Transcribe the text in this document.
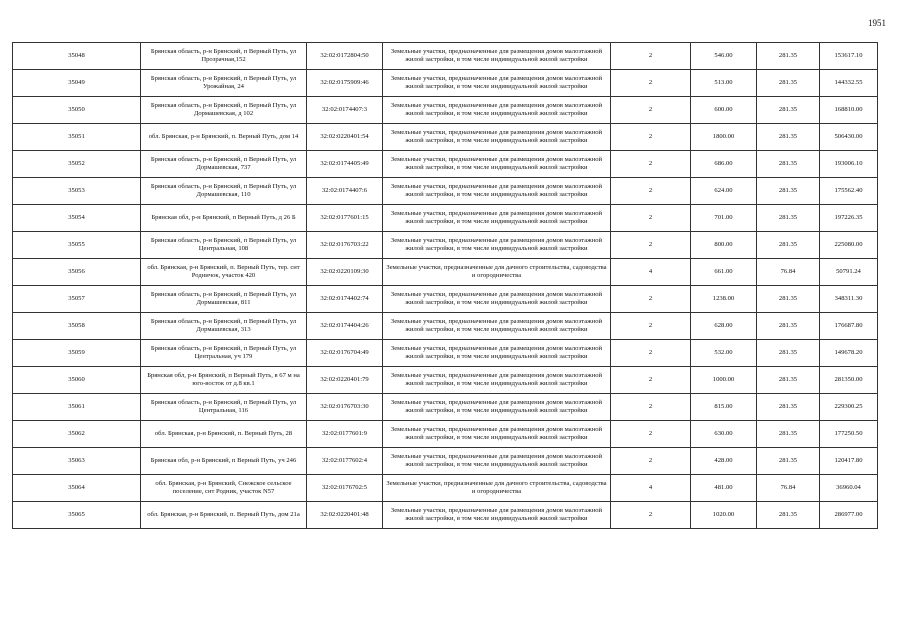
1951
35048	Брянская область, р-н Брянский, п Верный Путь, ул Прозрачная,152	32:02:0172804:50	Земельные участки, предназначенные для размещения домов малоэтажной жилой застройки, в том числе индивидуальной жилой застройки	2	546.00	281.35	153617.10
35049	Брянская область, р-н Брянский, п Верный Путь, ул Урожайная, 24	32:02:0175909:46	Земельные участки, предназначенные для размещения домов малоэтажной жилой застройки, в том числе индивидуальной жилой застройки	2	513.00	281.35	144332.55
35050	Брянская область, р-н Брянский, п Верный Путь, ул Дормашевская, д 102	32:02:0174407:3	Земельные участки, предназначенные для размещения домов малоэтажной жилой застройки, в том числе индивидуальной жилой застройки	2	600.00	281.35	168810.00
35051	обл. Брянская, р-н Брянский, п. Верный Путь, дом 14	32:02:0220401:54	Земельные участки, предназначенные для размещения домов малоэтажной жилой застройки, в том числе индивидуальной жилой застройки	2	1800.00	281.35	506430.00
35052	Брянская область, р-н Брянский, п Верный Путь, ул Дормашевская, 737	32:02:0174405:49	Земельные участки, предназначенные для размещения домов малоэтажной жилой застройки, в том числе индивидуальной жилой застройки	2	686.00	281.35	193006.10
35053	Брянская область, р-н Брянский, п Верный Путь, ул Дормашевская, 110	32:02:0174407:6	Земельные участки, предназначенные для размещения домов малоэтажной жилой застройки, в том числе индивидуальной жилой застройки	2	624.00	281.35	175562.40
35054	Брянская обл, р-н Брянский, п Верный Путь, д 26 Б	32:02:0177601:15	Земельные участки, предназначенные для размещения домов малоэтажной жилой застройки, в том числе индивидуальной жилой застройки	2	701.00	281.35	197226.35
35055	Брянская область, р-н Брянский, п Верный Путь, ул Центральная, 108	32:02:0176703:22	Земельные участки, предназначенные для размещения домов малоэтажной жилой застройки, в том числе индивидуальной жилой застройки	2	800.00	281.35	225080.00
35056	обл. Брянская, р-н Брянский, п. Верный Путь, тер. снт Родничок, участок 420	32:02:0220109:30	Земельные участки, предназначенные для дачного строительства, садоводства и огородничества	4	661.00	76.84	50791.24
35057	Брянская область, р-н Брянский, п Верный Путь, ул Дормашевская, 811	32:02:0174402:74	Земельные участки, предназначенные для размещения домов малоэтажной жилой застройки, в том числе индивидуальной жилой застройки	2	1238.00	281.35	348311.30
35058	Брянская область, р-н Брянский, п Верный Путь, ул Дормашевская, 313	32:02:0174404:26	Земельные участки, предназначенные для размещения домов малоэтажной жилой застройки, в том числе индивидуальной жилой застройки	2	628.00	281.35	176687.80
35059	Брянская область, р-н Брянский, п Верный Путь, ул Центральная, уч 179	32:02:0176704:49	Земельные участки, предназначенные для размещения домов малоэтажной жилой застройки, в том числе индивидуальной жилой застройки	2	532.00	281.35	149678.20
35060	Брянская обл, р-н Брянский, п Верный Путь, в 67 м на юго-восток от д.8 кв.1	32:02:0220401:79	Земельные участки, предназначенные для размещения домов малоэтажной жилой застройки, в том числе индивидуальной жилой застройки	2	1000.00	281.35	281350.00
35061	Брянская область, р-н Брянский, п Верный Путь, ул Центральная, 116	32:02:0176703:30	Земельные участки, предназначенные для размещения домов малоэтажной жилой застройки, в том числе индивидуальной жилой застройки	2	815.00	281.35	229300.25
35062	обл. Брянская, р-н Брянский, п. Верный Путь, 28	32:02:0177601:9	Земельные участки, предназначенные для размещения домов малоэтажной жилой застройки, в том числе индивидуальной жилой застройки	2	630.00	281.35	177250.50
35063	Брянская обл, р-н Брянский, п Верный Путь, уч 246	32:02:0177602:4	Земельные участки, предназначенные для размещения домов малоэтажной жилой застройки, в том числе индивидуальной жилой застройки	2	428.00	281.35	120417.80
35064	обл. Брянская, р-н Брянский, Снежское сельское поселение, снт Родник, участок N57	32:02:0176702:5	Земельные участки, предназначенные для дачного строительства, садоводства и огородничества	4	481.00	76.84	36960.04
35065	обл. Брянская, р-н Брянский, п. Верный Путь, дом 21а	32:02:0220401:48	Земельные участки, предназначенные для размещения домов малоэтажной жилой застройки, в том числе индивидуальной жилой застройки	2	1020.00	281.35	286977.00
